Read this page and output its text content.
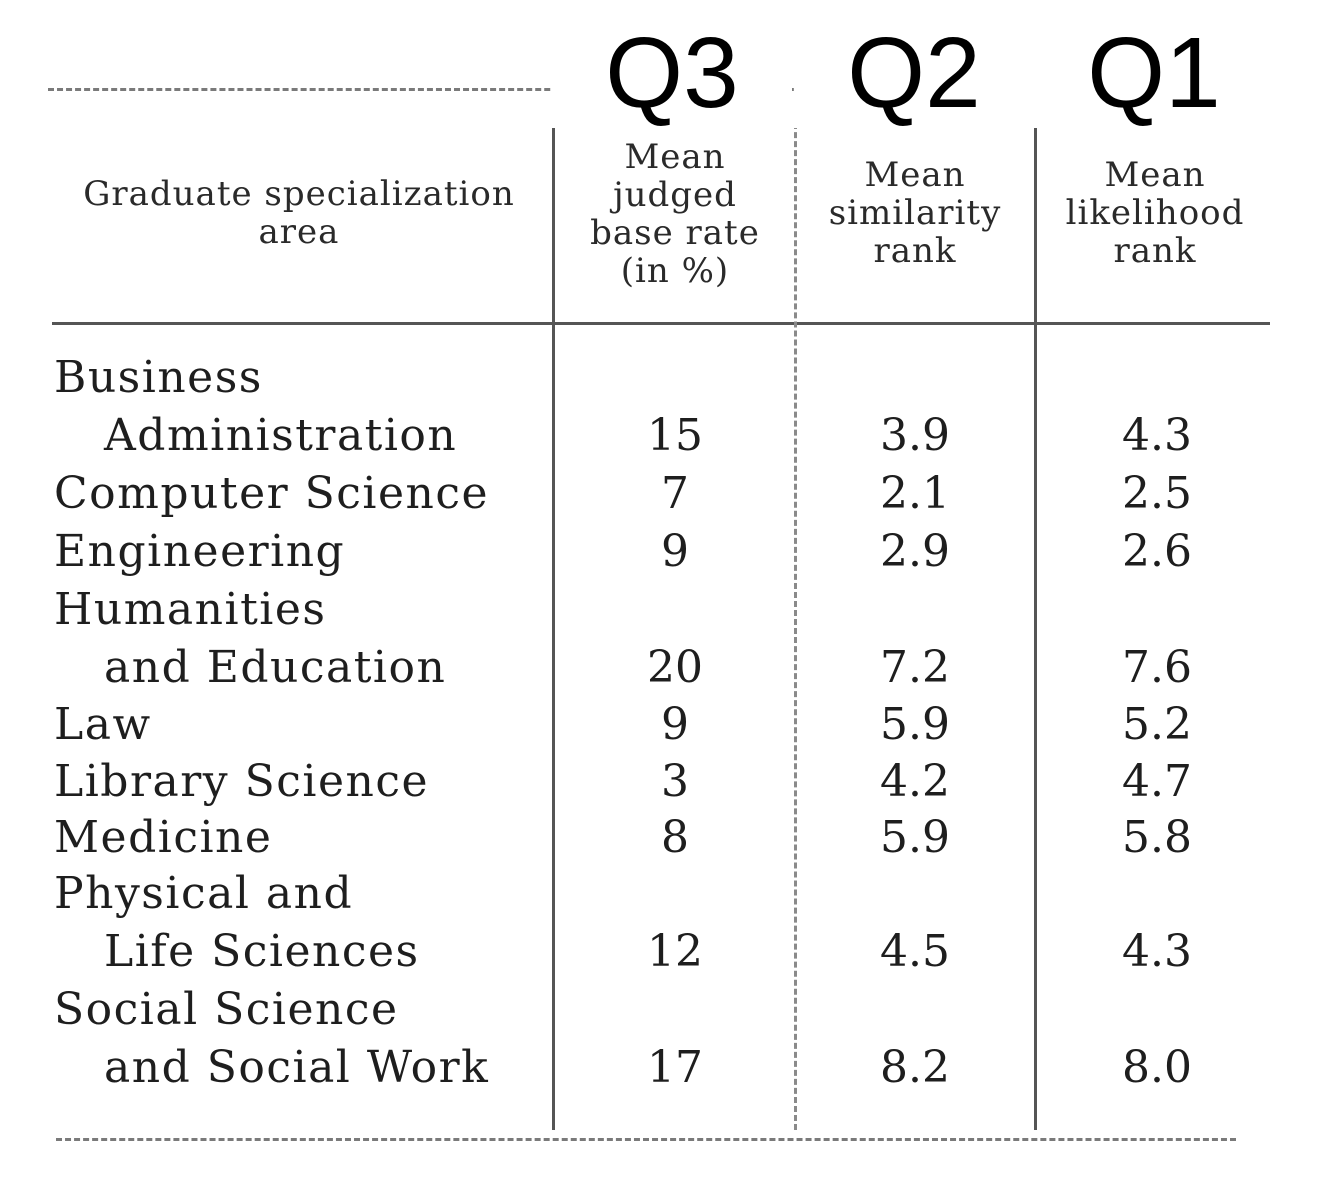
Q3	Q2	Q1
Graduate specialization
area
Mean
judged
base rate
(in %)
Mean
similarity
rank
Mean
likelihood
rank
Business
Administration
Computer Science
Engineering
Humanities
and Education
Law
Library Science
Medicine
Physical and
Life Sciences
Social Science
and Social Work
15
7
9
20
9
3
8
12
17
3.9
2.1
2.9
7.2
5.9
4.2
5.9
4.5
8.2
4.3
2.5
2.6
7.6
5.2
4.7
5.8
4.3
8.0
